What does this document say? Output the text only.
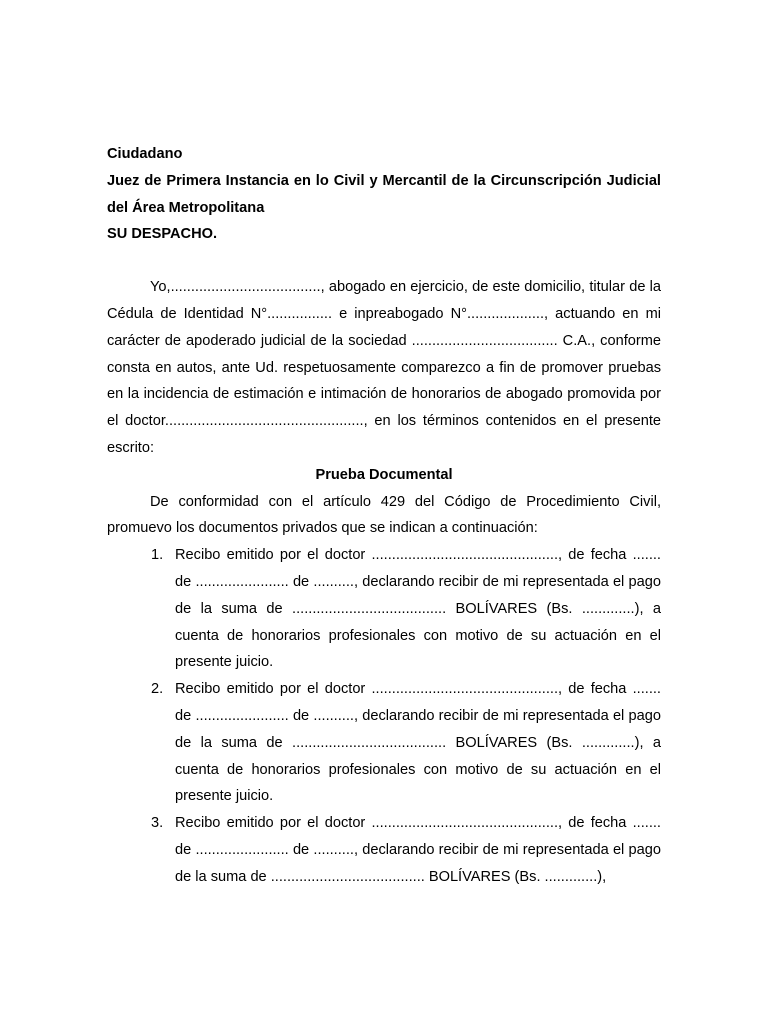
Ciudadano
Juez de Primera Instancia en lo Civil y Mercantil de la Circunscripción Judicial del Área Metropolitana
SU DESPACHO.
Yo,....................................., abogado en ejercicio, de este domicilio, titular de la Cédula de Identidad N°................ e inpreabogado N°..................., actuando en mi carácter de apoderado judicial de la sociedad .................................... C.A., conforme consta en autos, ante Ud. respetuosamente comparezco a fin de promover pruebas en la incidencia de estimación e intimación de honorarios de abogado promovida por el doctor................................................., en los términos contenidos en el presente escrito:
Prueba Documental
De conformidad con el artículo 429 del Código de Procedimiento Civil, promuevo los documentos privados que se indican a continuación:
1. Recibo emitido por el doctor .............................................., de fecha ....... de ....................... de .........., declarando recibir de mi representada el pago de la suma de ...................................... BOLÍVARES (Bs. .............), a cuenta de honorarios profesionales con motivo de su actuación en el presente juicio.
2. Recibo emitido por el doctor .............................................., de fecha ....... de ....................... de .........., declarando recibir de mi representada el pago de la suma de ...................................... BOLÍVARES (Bs. .............), a cuenta de honorarios profesionales con motivo de su actuación en el presente juicio.
3. Recibo emitido por el doctor .............................................., de fecha ....... de ....................... de .........., declarando recibir de mi representada el pago de la suma de ...................................... BOLÍVARES (Bs. .............),
